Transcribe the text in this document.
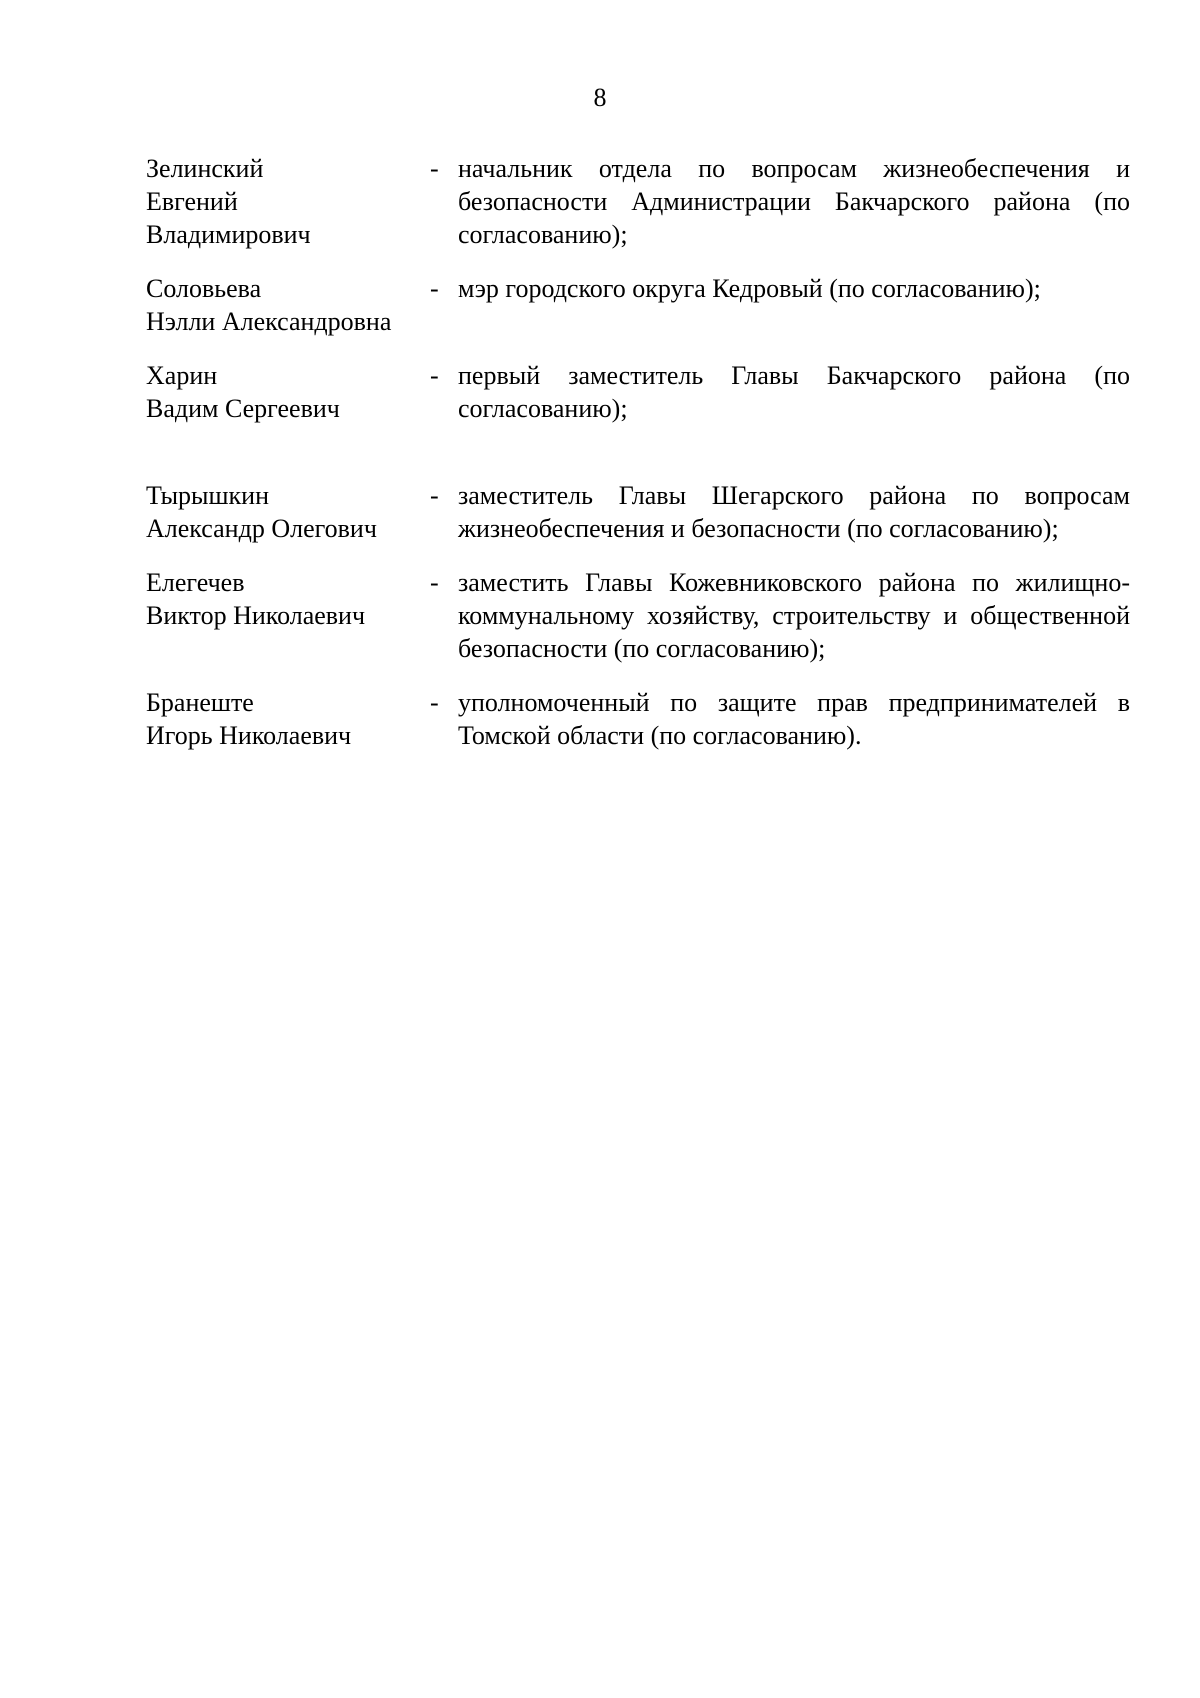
8
Зелинский
Евгений
Владимирович
- начальник отдела по вопросам жизнеобеспечения и безопасности Администрации Бакчарского района (по согласованию);
Соловьева
Нэлли Александровна
- мэр городского округа Кедровый (по согласованию);
Харин
Вадим Сергеевич
- первый заместитель Главы Бакчарского района (по согласованию);
Тырышкин
Александр Олегович
- заместитель Главы Шегарского района по вопросам жизнеобеспечения и безопасности (по согласованию);
Елегечев
Виктор Николаевич
- заместить Главы Кожевниковского района по жилищно-коммунальному хозяйству, строительству и общественной безопасности (по согласованию);
Бранеште
Игорь Николаевич
- уполномоченный по защите прав предпринимателей в Томской области (по согласованию).
